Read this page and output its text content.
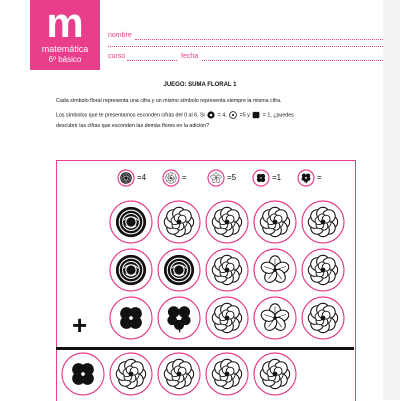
m
matemática
6º básico
nombre
curso	fecha
JUEGO: SUMA FLORAL 1
Cada símbolo floral representa una cifra y un mismo símbolo representa siempre la misma cifra.
Los símbolos que te presentamos esconden cifras del 0 al 6. Si = 4, =5 y = 1, ¿puedes
descubrir las cifras que esconden las demás flores en la adición?
+
=4	=	=5	=1	=
